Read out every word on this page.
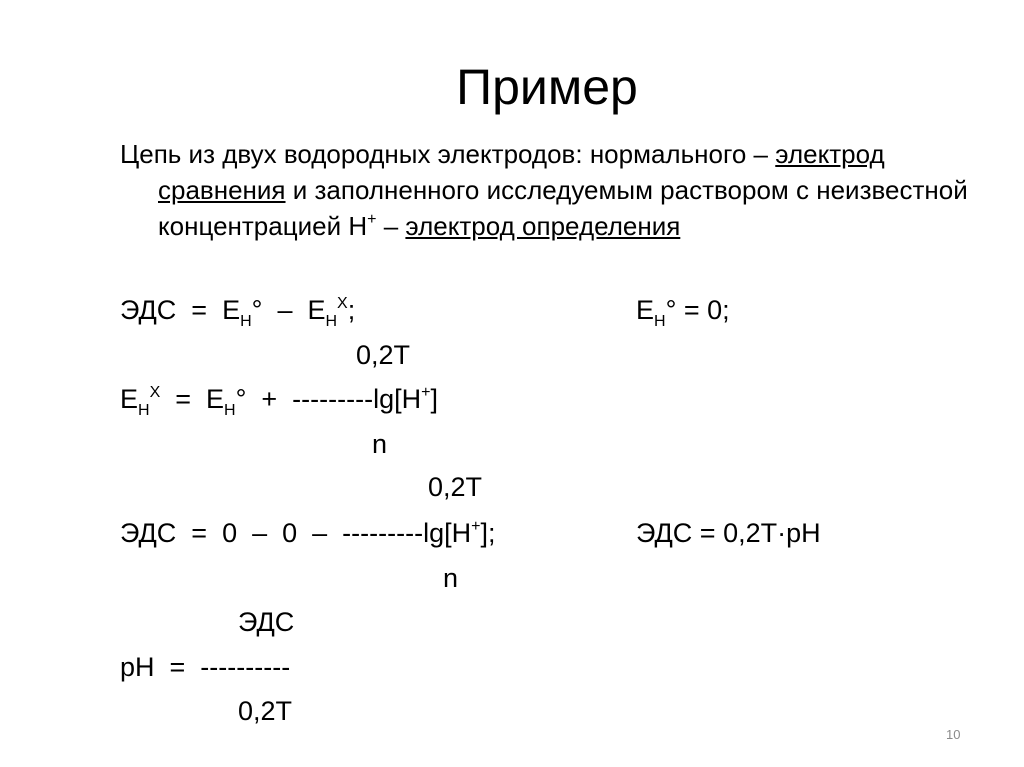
Пример
Цепь из двух водородных электродов: нормального – электрод сравнения и заполненного исследуемым раствором с неизвестной концентрацией H+ – электрод определения
ЭДС  =  $E_H^\circ - E_H^X$;	$E_H^\circ = 0$;
0,2T
$E_H^X = E_H^\circ + ---------\lg[H^+]$
n
0,2T
ЭДС  =  0  –  0  –  ---------lg[H+];	ЭДС = 0,2T·pH
n
ЭДС
pH  =  ----------
0,2T
10
